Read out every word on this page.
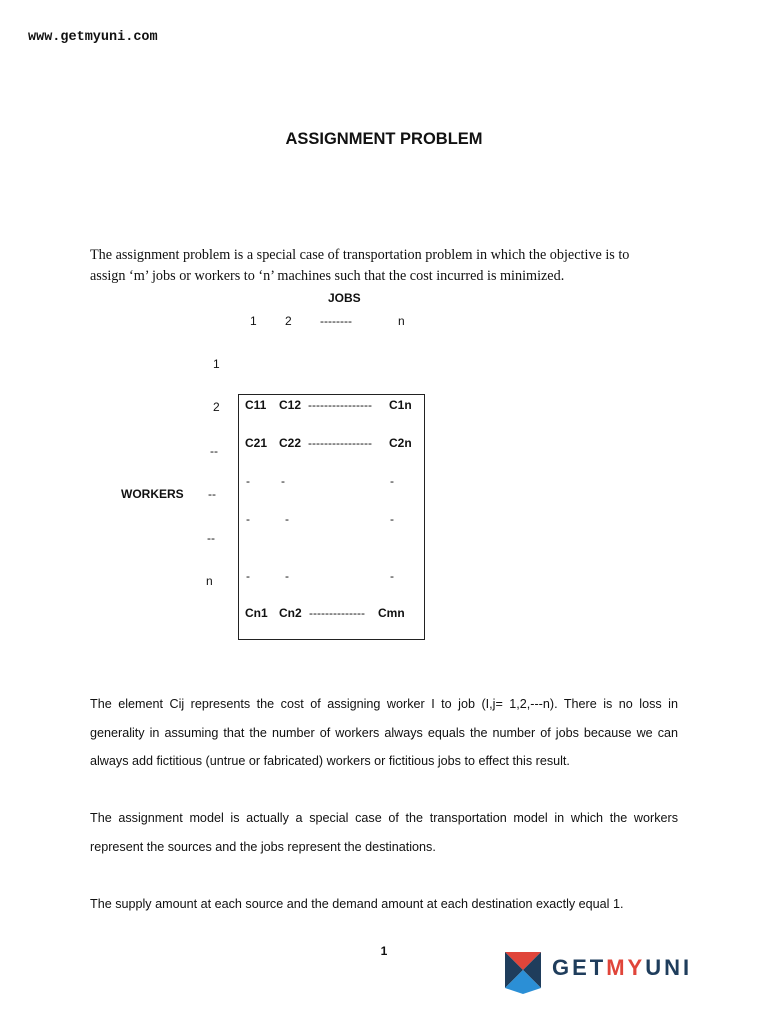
www.getmyuni.com
ASSIGNMENT PROBLEM
The assignment problem is a special case of transportation problem in which the objective is to
assign ‘m’ jobs or workers to ‘n’ machines such that the cost incurred is minimized.
JOBS
1 2 --------	n
WORKERS
1
2
--
--
--
n
C11 C12 ---------------- C1n
C21 C22 ---------------- C2n
-	-	-
-	-	-
-	-	-
Cn1 Cn2 -------------- Cmn
The element Cij represents the cost of assigning worker I to job (I,j= 1,2,---n). There is no loss in generality in assuming that the number of workers always equals the number of jobs because we can always add fictitious (untrue or fabricated) workers or fictitious jobs to effect this result.
The assignment model is actually a special case of the transportation model in which the workers represent the sources and the jobs represent the destinations.
The supply amount at each source and the demand amount at each destination exactly equal 1.
1
GETMYUNI
